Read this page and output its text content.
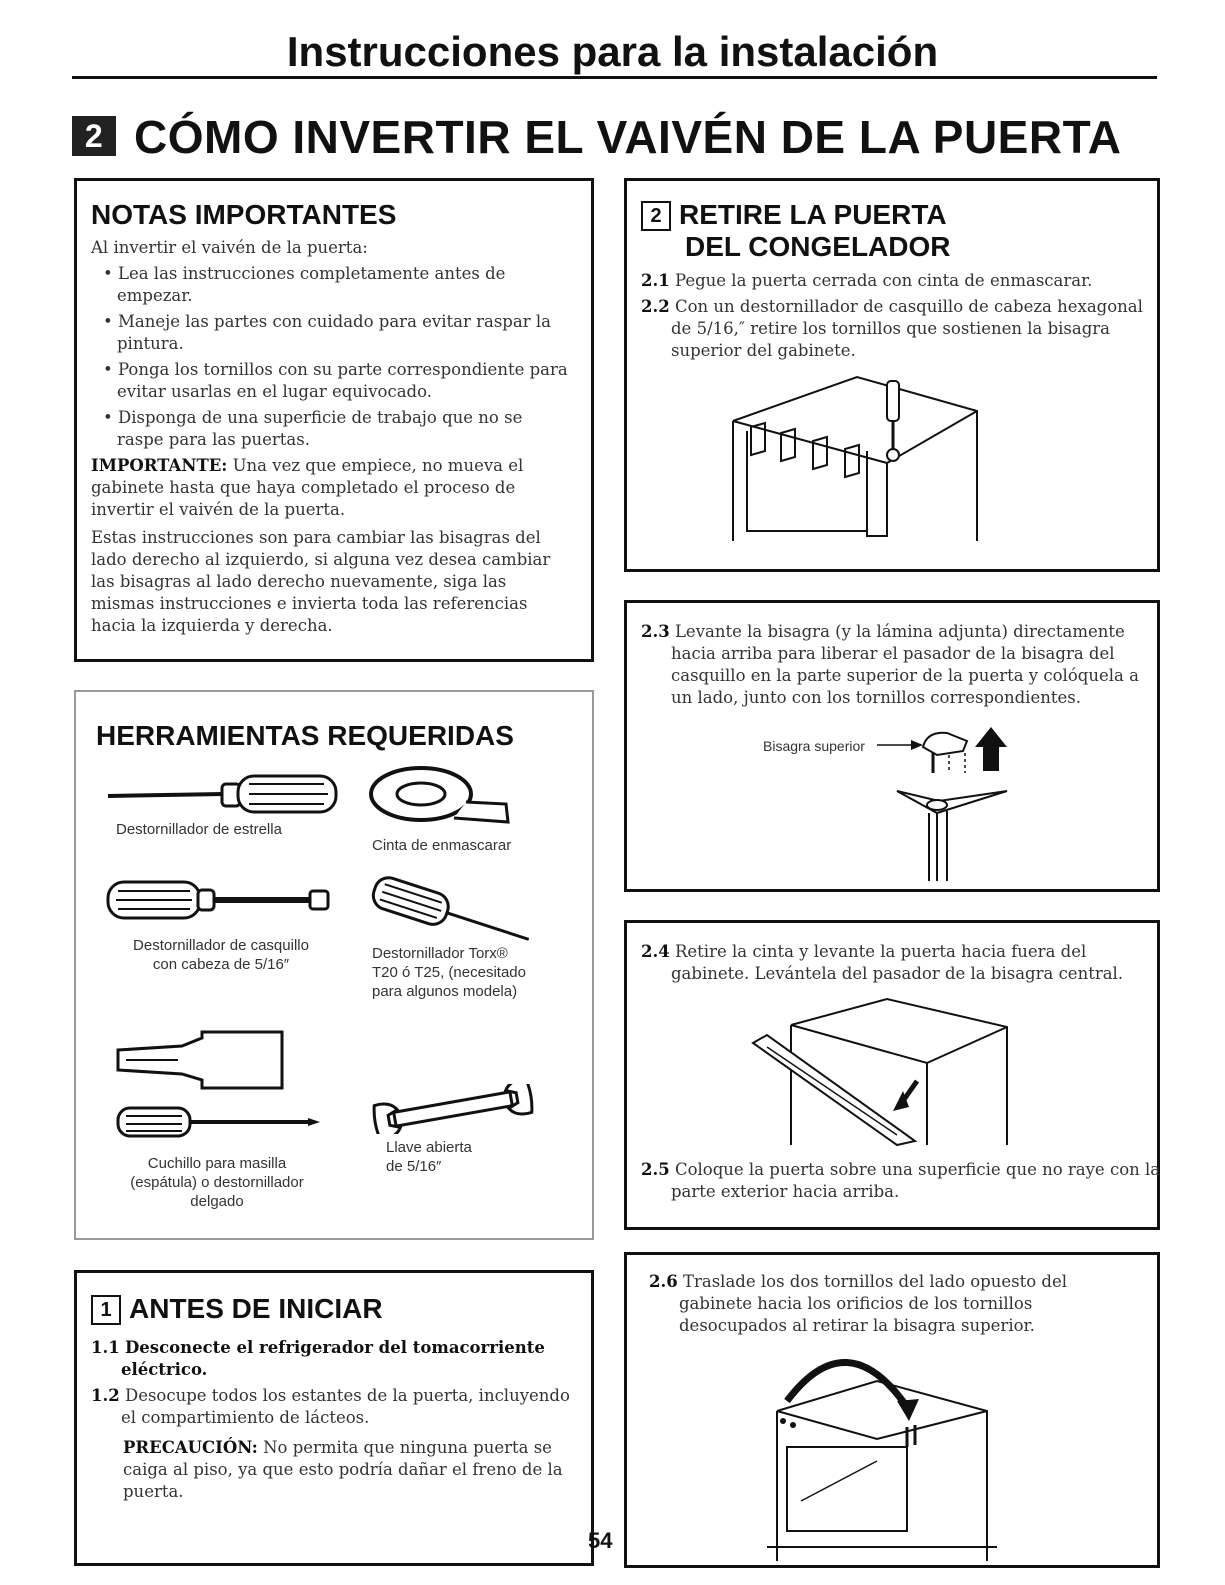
Instrucciones para la instalación
2 CÓMO INVERTIR EL VAIVÉN DE LA PUERTA
NOTAS IMPORTANTES

Al invertir el vaivén de la puerta:

• Lea las instrucciones completamente antes de empezar.
• Maneje las partes con cuidado para evitar raspar la pintura.
• Ponga los tornillos con su parte correspondiente para evitar usarlas en el lugar equivocado.
• Disponga de una superficie de trabajo que no se raspe para las puertas.

IMPORTANTE: Una vez que empiece, no mueva el gabinete hasta que haya completado el proceso de invertir el vaivén de la puerta.

Estas instrucciones son para cambiar las bisagras del lado derecho al izquierdo, si alguna vez desea cambiar las bisagras al lado derecho nuevamente, siga las mismas instrucciones e invierta toda las referencias hacia la izquierda y derecha.

HERRAMIENTAS REQUERIDAS
Destornillador de estrella
Cinta de enmascarar
Destornillador de casquillo
con cabeza de 5/16″
Destornillador Torx®
T20 ó T25, (necesitado
para algunos modela)
Cuchillo para masilla
(espátula) o destornillador
delgado
Llave abierta
de 5/16″
1 ANTES DE INICIAR
1.1 Desconecte el refrigerador del tomacorriente eléctrico.
1.2 Desocupe todos los estantes de la puerta, incluyendo el compartimiento de lácteos.

PRECAUCIÓN: No permita que ninguna puerta se caiga al piso, ya que esto podría dañar el freno de la puerta.

54
2 RETIRE LA PUERTA
DEL CONGELADOR
2.1 Pegue la puerta cerrada con cinta de enmascarar.
2.2 Con un destornillador de casquillo de cabeza hexagonal de 5/16,″ retire los tornillos que sostienen la bisagra superior del gabinete.
2.3 Levante la bisagra (y la lámina adjunta) directamente hacia arriba para liberar el pasador de la bisagra del casquillo en la parte superior de la puerta y colóquela a un lado, junto con los tornillos correspondientes.
Bisagra superior
2.4 Retire la cinta y levante la puerta hacia fuera del gabinete. Levántela del pasador de la bisagra central.
2.5 Coloque la puerta sobre una superficie que no raye con la parte exterior hacia arriba.
2.6 Traslade los dos tornillos del lado opuesto del gabinete hacia los orificios de los tornillos desocupados al retirar la bisagra superior.
